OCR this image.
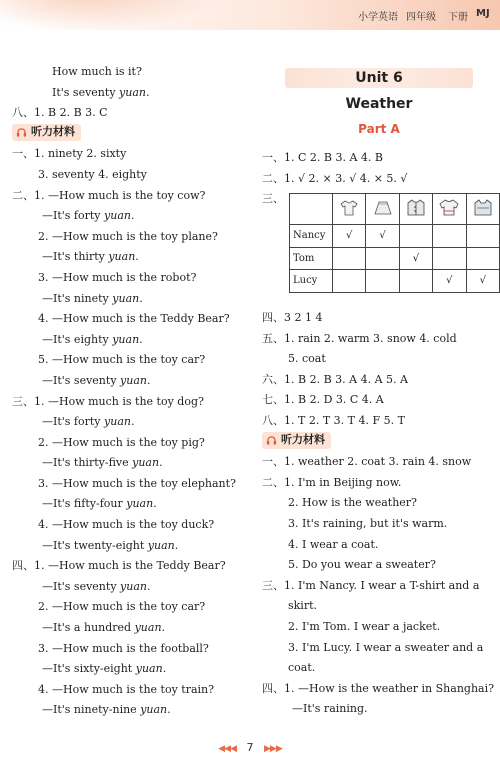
小学英语 四年级 下册 MJ
How much is it?
It's seventy yuan.
八、1. B 2. B 3. C
听力材料
一、1. ninety 2. sixty
3. seventy 4. eighty
二、1. —How much is the toy cow?
—It's forty yuan.
2. —How much is the toy plane?
—It's thirty yuan.
3. —How much is the robot?
—It's ninety yuan.
4. —How much is the Teddy Bear?
—It's eighty yuan.
5. —How much is the toy car?
—It's seventy yuan.
三、1. —How much is the toy dog?
—It's forty yuan.
2. —How much is the toy pig?
—It's thirty-five yuan.
3. —How much is the toy elephant?
—It's fifty-four yuan.
4. —How much is the toy duck?
—It's twenty-eight yuan.
四、1. —How much is the Teddy Bear?
—It's seventy yuan.
2. —How much is the toy car?
—It's a hundred yuan.
3. —How much is the football?
—It's sixty-eight yuan.
4. —How much is the toy train?
—It's ninety-nine yuan.
Unit 6
Weather
Part A
一、1. C 2. B 3. A 4. B
二、1. √ 2. × 3. √ 4. × 5. √
三、

Nancy	√	√			
Tom			√		
Lucy				√	√
四、3 2 1 4
五、1. rain 2. warm 3. snow 4. cold
5. coat
六、1. B 2. B 3. A 4. A 5. A
七、1. B 2. D 3. C 4. A
八、1. T 2. T 3. T 4. F 5. T
听力材料
一、1. weather 2. coat 3. rain 4. snow
二、1. I'm in Beijing now.
2. How is the weather?
3. It's raining, but it's warm.
4. I wear a coat.
5. Do you wear a sweater?
三、1. I'm Nancy. I wear a T-shirt and a
skirt.
2. I'm Tom. I wear a jacket.
3. I'm Lucy. I wear a sweater and a
coat.
四、1. —How is the weather in Shanghai?
—It's raining.
◀◀◀ 7 ▶▶▶
